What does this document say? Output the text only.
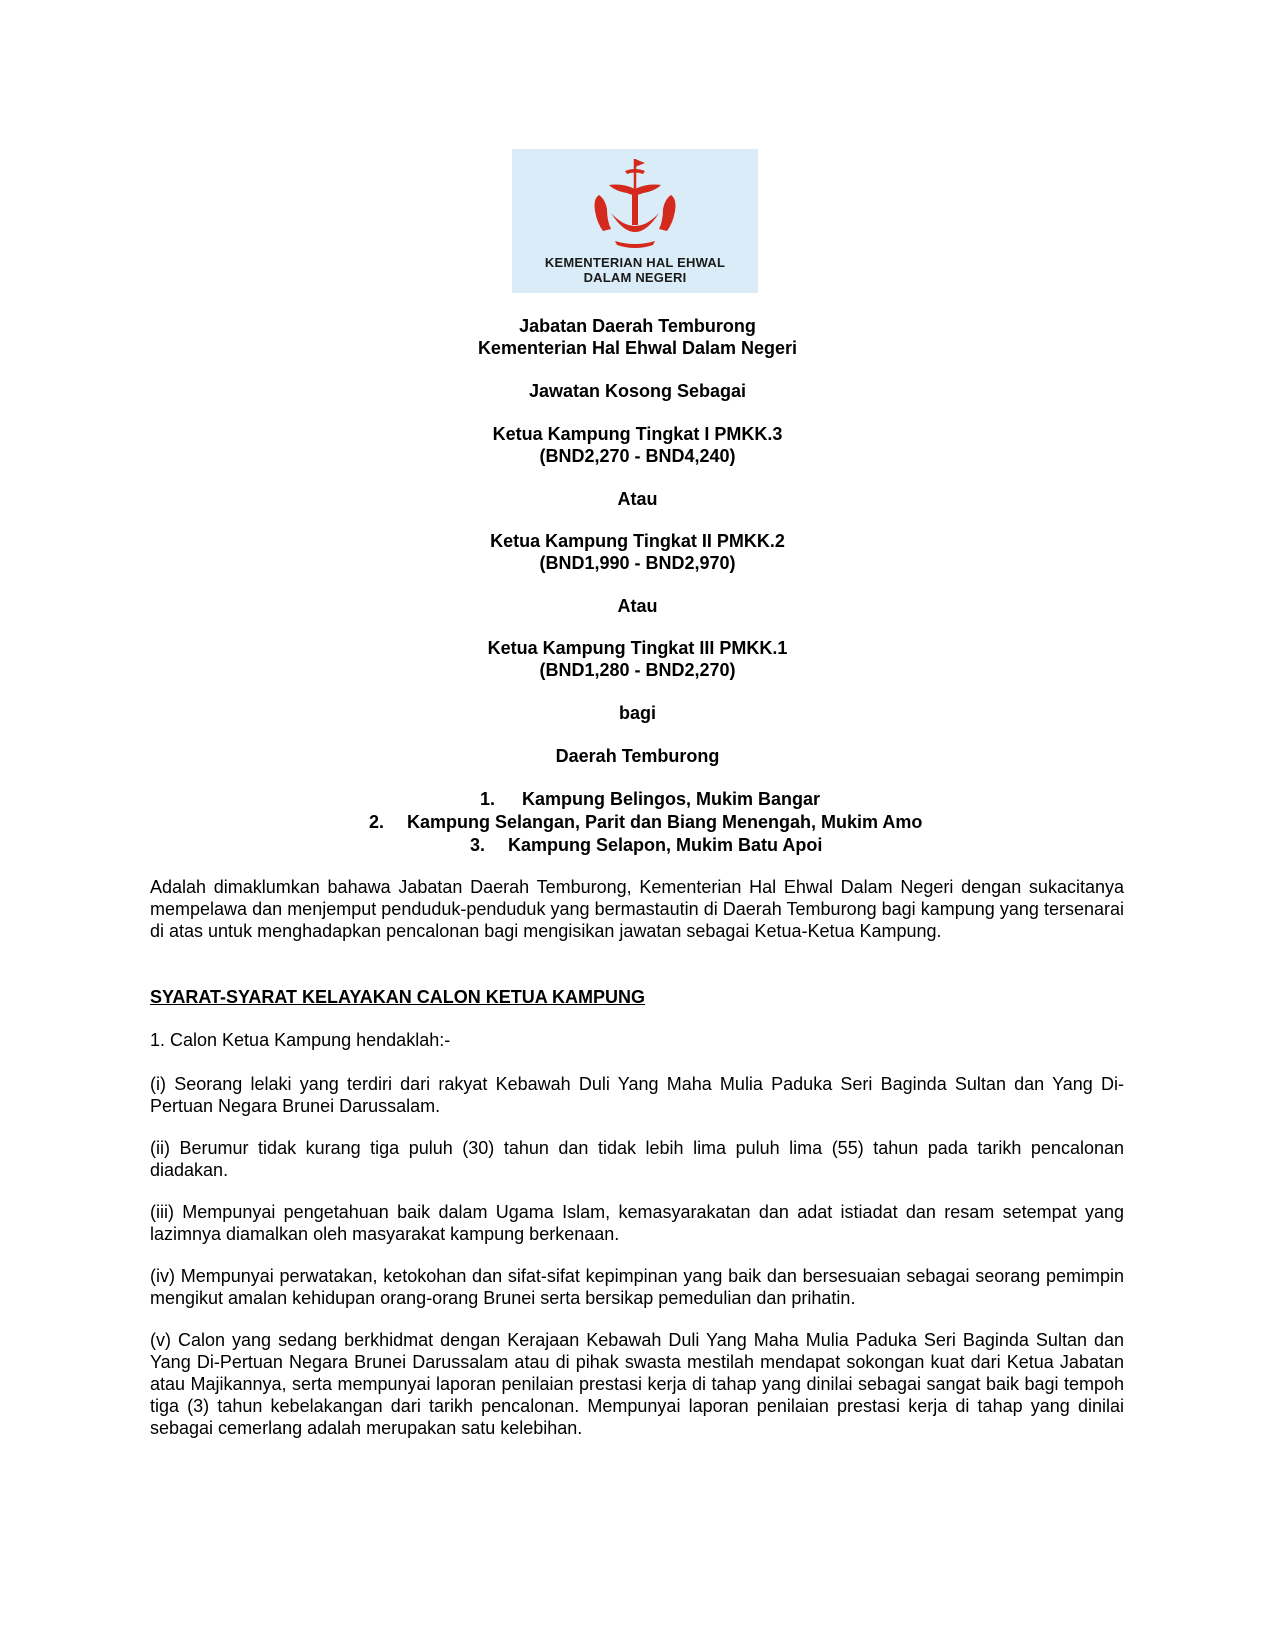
KEMENTERIAN HAL EHWAL
DALAM NEGERI
Jabatan Daerah Temburong
Kementerian Hal Ehwal Dalam Negeri
Jawatan Kosong Sebagai
Ketua Kampung Tingkat I PMKK.3
(BND2,270 - BND4,240)
Atau
Ketua Kampung Tingkat II PMKK.2
(BND1,990 - BND2,970)
Atau
Ketua Kampung Tingkat III PMKK.1
(BND1,280 - BND2,270)
bagi
Daerah Temburong
1. Kampung Belingos, Mukim Bangar
2. Kampung Selangan, Parit dan Biang Menengah, Mukim Amo
3. Kampung Selapon, Mukim Batu Apoi
Adalah dimaklumkan bahawa Jabatan Daerah Temburong, Kementerian Hal Ehwal Dalam Negeri dengan sukacitanya mempelawa dan menjemput penduduk-penduduk yang bermastautin di Daerah Temburong bagi kampung yang tersenarai di atas untuk menghadapkan pencalonan bagi mengisikan jawatan sebagai Ketua-Ketua Kampung.
SYARAT-SYARAT KELAYAKAN CALON KETUA KAMPUNG
1. Calon Ketua Kampung hendaklah:-
(i) Seorang lelaki yang terdiri dari rakyat Kebawah Duli Yang Maha Mulia Paduka Seri Baginda Sultan dan Yang Di-Pertuan Negara Brunei Darussalam.
(ii) Berumur tidak kurang tiga puluh (30) tahun dan tidak lebih lima puluh lima (55) tahun pada tarikh pencalonan diadakan.
(iii) Mempunyai pengetahuan baik dalam Ugama Islam, kemasyarakatan dan adat istiadat dan resam setempat yang lazimnya diamalkan oleh masyarakat kampung berkenaan.
(iv) Mempunyai perwatakan, ketokohan dan sifat-sifat kepimpinan yang baik dan bersesuaian sebagai seorang pemimpin mengikut amalan kehidupan orang-orang Brunei serta bersikap pemedulian dan prihatin.
(v) Calon yang sedang berkhidmat dengan Kerajaan Kebawah Duli Yang Maha Mulia Paduka Seri Baginda Sultan dan Yang Di-Pertuan Negara Brunei Darussalam atau di pihak swasta mestilah mendapat sokongan kuat dari Ketua Jabatan atau Majikannya, serta mempunyai laporan penilaian prestasi kerja di tahap yang dinilai sebagai sangat baik bagi tempoh tiga (3) tahun kebelakangan dari tarikh pencalonan. Mempunyai laporan penilaian prestasi kerja di tahap yang dinilai sebagai cemerlang adalah merupakan satu kelebihan.
